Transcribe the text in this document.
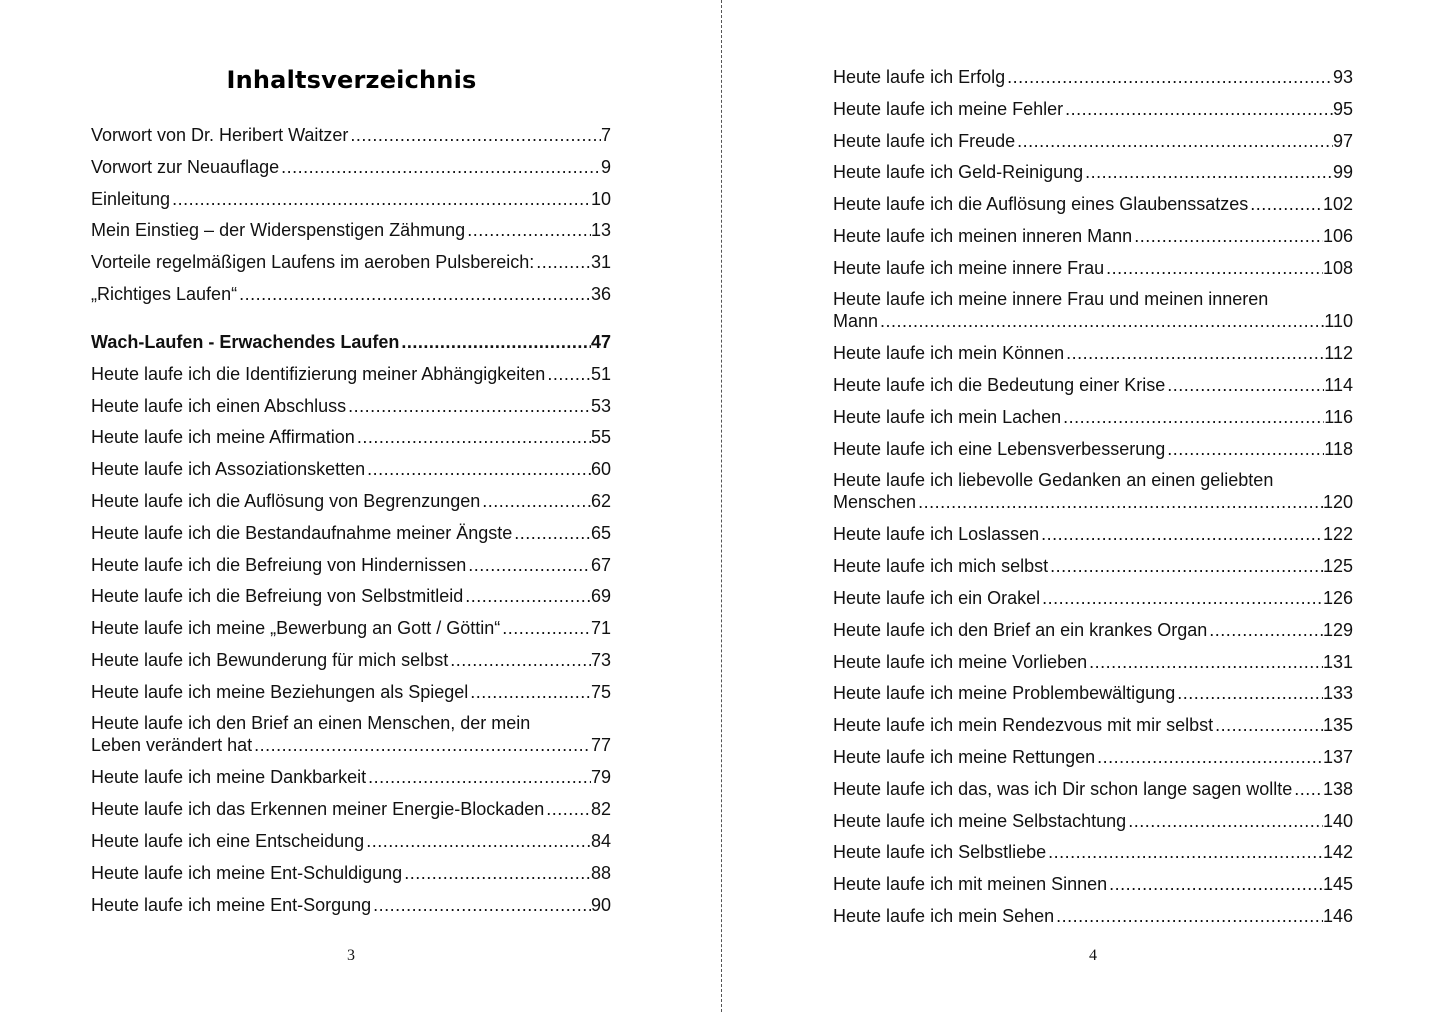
Inhaltsverzeichnis
Vorwort von Dr. Heribert Waitzer .....	7
Vorwort zur Neuauflage .....	9
Einleitung .....	10
Mein Einstieg – der Widerspenstigen Zähmung .....	13
Vorteile regelmäßigen Laufens im aeroben Pulsbereich: .....	31
„Richtiges Laufen“ .....	36
Wach-Laufen - Erwachendes Laufen .....	47
Heute laufe ich die Identifizierung meiner Abhängigkeiten .....	51
Heute laufe ich einen Abschluss .....	53
Heute laufe ich meine Affirmation .....	55
Heute laufe ich Assoziationsketten .....	60
Heute laufe ich die Auflösung von Begrenzungen .....	62
Heute laufe ich die Bestandaufnahme meiner Ängste .....	65
Heute laufe ich die Befreiung von Hindernissen .....	67
Heute laufe ich die Befreiung von Selbstmitleid .....	69
Heute laufe ich meine „Bewerbung an Gott / Göttin“ .....	71
Heute laufe ich Bewunderung für mich selbst .....	73
Heute laufe ich meine Beziehungen als Spiegel .....	75
Heute laufe ich den Brief an einen Menschen, der mein
Leben verändert hat .....	77
Heute laufe ich meine Dankbarkeit .....	79
Heute laufe ich das Erkennen meiner Energie-Blockaden .....	82
Heute laufe ich eine Entscheidung .....	84
Heute laufe ich meine Ent-Schuldigung .....	88
Heute laufe ich meine Ent-Sorgung .....	90
3
Heute laufe ich Erfolg .....	93
Heute laufe ich meine Fehler .....	95
Heute laufe ich Freude .....	97
Heute laufe ich Geld-Reinigung .....	99
Heute laufe ich die Auflösung eines Glaubenssatzes .....	102
Heute laufe ich meinen inneren Mann .....	106
Heute laufe ich meine innere Frau .....	108
Heute laufe ich meine innere Frau und meinen inneren
Mann .....	110
Heute laufe ich mein Können .....	112
Heute laufe ich die Bedeutung einer Krise .....	114
Heute laufe ich mein Lachen .....	116
Heute laufe ich eine Lebensverbesserung .....	118
Heute laufe ich liebevolle Gedanken an einen geliebten
Menschen .....	120
Heute laufe ich Loslassen .....	122
Heute laufe ich mich selbst .....	125
Heute laufe ich ein Orakel .....	126
Heute laufe ich den Brief an ein krankes Organ .....	129
Heute laufe ich meine Vorlieben .....	131
Heute laufe ich meine Problembewältigung .....	133
Heute laufe ich mein Rendezvous mit mir selbst .....	135
Heute laufe ich meine Rettungen .....	137
Heute laufe ich das, was ich Dir schon lange sagen wollte ..... 138
Heute laufe ich meine Selbstachtung .....	140
Heute laufe ich Selbstliebe .....	142
Heute laufe ich mit meinen Sinnen .....	145
Heute laufe ich mein Sehen .....	146
4
